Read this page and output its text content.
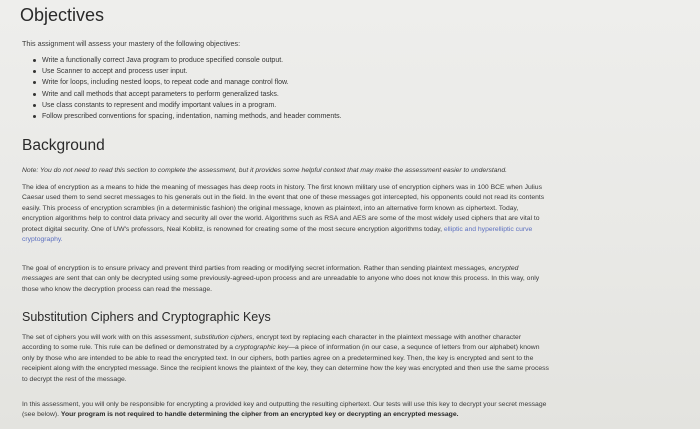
Objectives
This assignment will assess your mastery of the following objectives:
Write a functionally correct Java program to produce specified console output.
Use Scanner to accept and process user input.
Write for loops, including nested loops, to repeat code and manage control flow.
Write and call methods that accept parameters to perform generalized tasks.
Use class constants to represent and modify important values in a program.
Follow prescribed conventions for spacing, indentation, naming methods, and header comments.
Background
Note: You do not need to read this section to complete the assessment, but it provides some helpful context that may make the assessment easier to understand.
The idea of encryption as a means to hide the meaning of messages has deep roots in history. The first known military use of encryption ciphers was in 100 BCE when Julius
Caesar used them to send secret messages to his generals out in the field. In the event that one of these messages got intercepted, his opponents could not read its contents
easily. This process of encryption scrambles (in a deterministic fashion) the original message, known as plaintext, into an alternative form known as ciphertext. Today,
encryption algorithms help to control data privacy and security all over the world. Algorithms such as RSA and AES are some of the most widely used ciphers that are vital to
protect digital security. One of UW's professors, Neal Koblitz, is renowned for creating some of the most secure encryption algorithms today, elliptic and hyperelliptic curve
cryptography.
The goal of encryption is to ensure privacy and prevent third parties from reading or modifying secret information. Rather than sending plaintext messages, encrypted
messages are sent that can only be decrypted using some previously-agreed-upon process and are unreadable to anyone who does not know this process. In this way, only
those who know the decryption process can read the message.
Substitution Ciphers and Cryptographic Keys
The set of ciphers you will work with on this assessment, substitution ciphers, encrypt text by replacing each character in the plaintext message with another character
according to some rule. This rule can be defined or demonstrated by a cryptographic key—a piece of information (in our case, a sequnce of letters from our alphabet) known
only by those who are intended to be able to read the encrypted text. In our ciphers, both parties agree on a predetermined key. Then, the key is encrypted and sent to the
receipient along with the encrypted message. Since the recipient knows the plaintext of the key, they can determine how the key was encrypted and then use the same process
to decrypt the rest of the message.
In this assessment, you will only be responsible for encrypting a provided key and outputting the resulting ciphertext. Our tests will use this key to decrypt your secret message
(see below). Your program is not required to handle determining the cipher from an encrypted key or decrypting an encrypted message.
